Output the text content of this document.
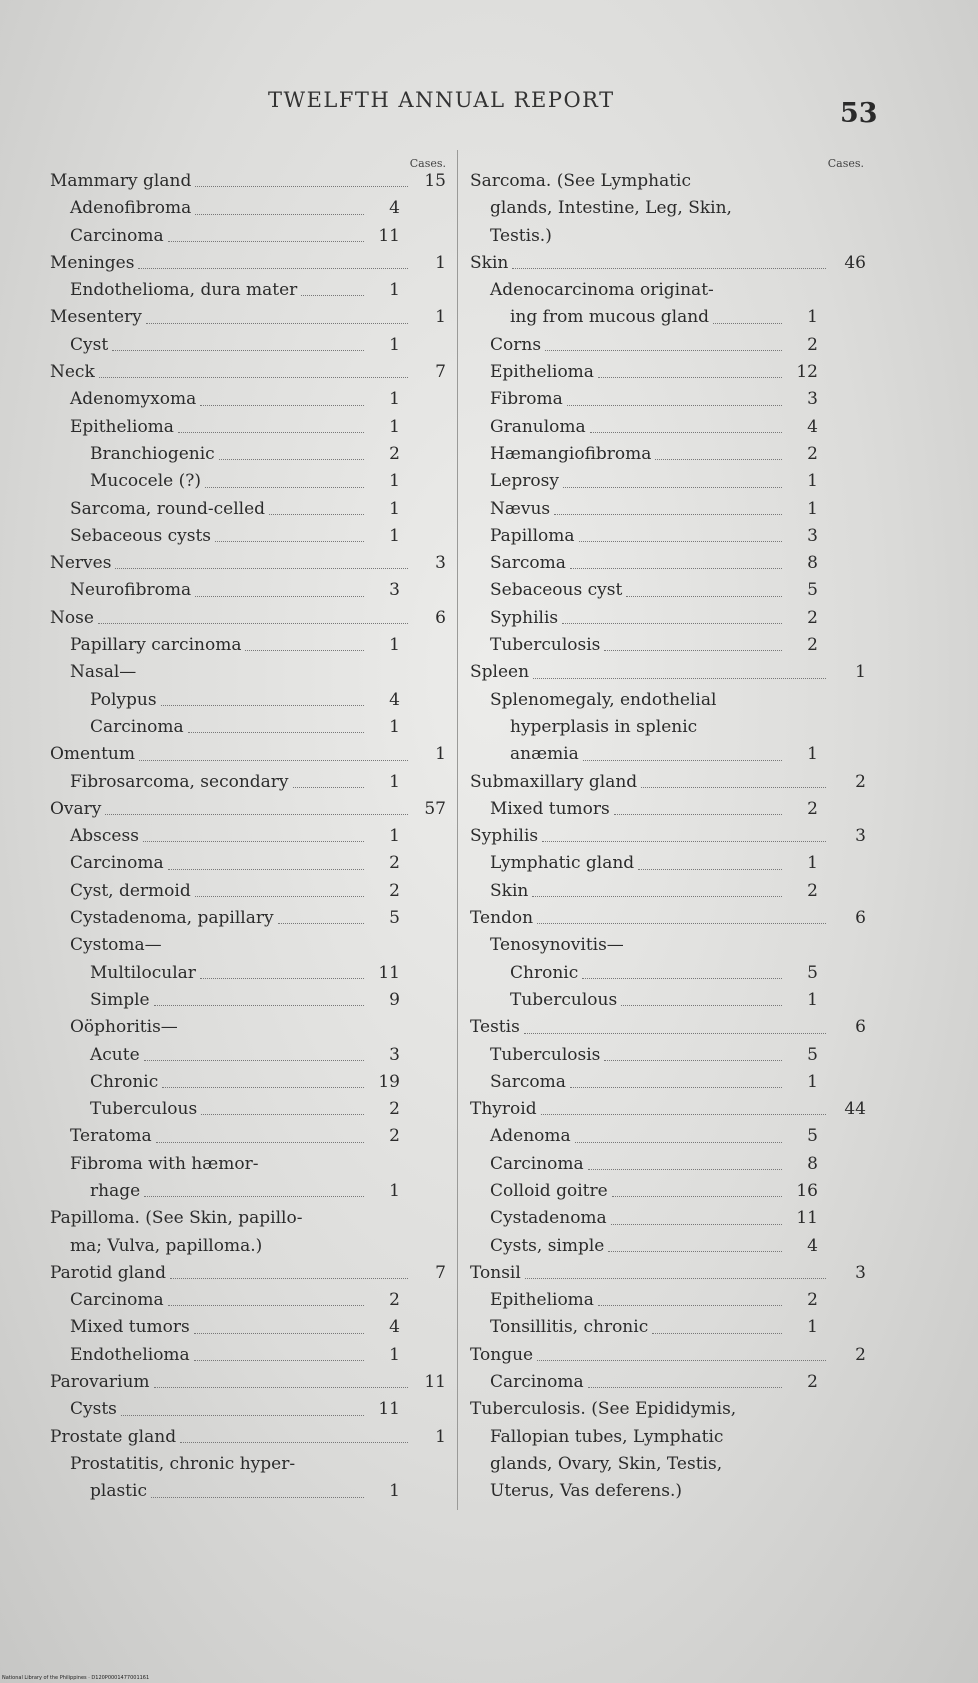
TWELFTH ANNUAL REPORT	53
Cases.
Mammary gland	15
Adenofibroma	4
Carcinoma	11
Meninges	1
Endothelioma, dura mater	1
Mesentery	1
Cyst	1
Neck	7
Adenomyxoma	1
Epithelioma	1
Branchiogenic	2
Mucocele (?)	1
Sarcoma, round-celled	1
Sebaceous cysts	1
Nerves	3
Neurofibroma	3
Nose	6
Papillary carcinoma	1
Nasal—
Polypus	4
Carcinoma	1
Omentum	1
Fibrosarcoma, secondary	1
Ovary	57
Abscess	1
Carcinoma	2
Cyst, dermoid	2
Cystadenoma, papillary	5
Cystoma—
Multilocular	11
Simple	9
Oöphoritis—
Acute	3
Chronic	19
Tuberculous	2
Teratoma	2
Fibroma with hæmor-
rhage	1
Papilloma. (See Skin, papillo-
ma; Vulva, papilloma.)
Parotid gland	7
Carcinoma	2
Mixed tumors	4
Endothelioma	1
Parovarium	11
Cysts	11
Prostate gland	1
Prostatitis, chronic hyper-
plastic	1
Cases.
Sarcoma. (See Lymphatic
glands, Intestine, Leg, Skin,
Testis.)
Skin	46
Adenocarcinoma originat-
ing from mucous gland	1
Corns	2
Epithelioma	12
Fibroma	3
Granuloma	4
Hæmangiofibroma	2
Leprosy	1
Nævus	1
Papilloma	3
Sarcoma	8
Sebaceous cyst	5
Syphilis	2
Tuberculosis	2
Spleen	1
Splenomegaly, endothelial
hyperplasis in splenic
anæmia	1
Submaxillary gland	2
Mixed tumors	2
Syphilis	3
Lymphatic gland	1
Skin	2
Tendon	6
Tenosynovitis—
Chronic	5
Tuberculous	1
Testis	6
Tuberculosis	5
Sarcoma	1
Thyroid	44
Adenoma	5
Carcinoma	8
Colloid goitre	16
Cystadenoma	11
Cysts, simple	4
Tonsil	3
Epithelioma	2
Tonsillitis, chronic	1
Tongue	2
Carcinoma	2
Tuberculosis. (See Epididymis,
Fallopian tubes, Lymphatic
glands, Ovary, Skin, Testis,
Uterus, Vas deferens.)
National Library of the Philippines · D120P0001477001161
